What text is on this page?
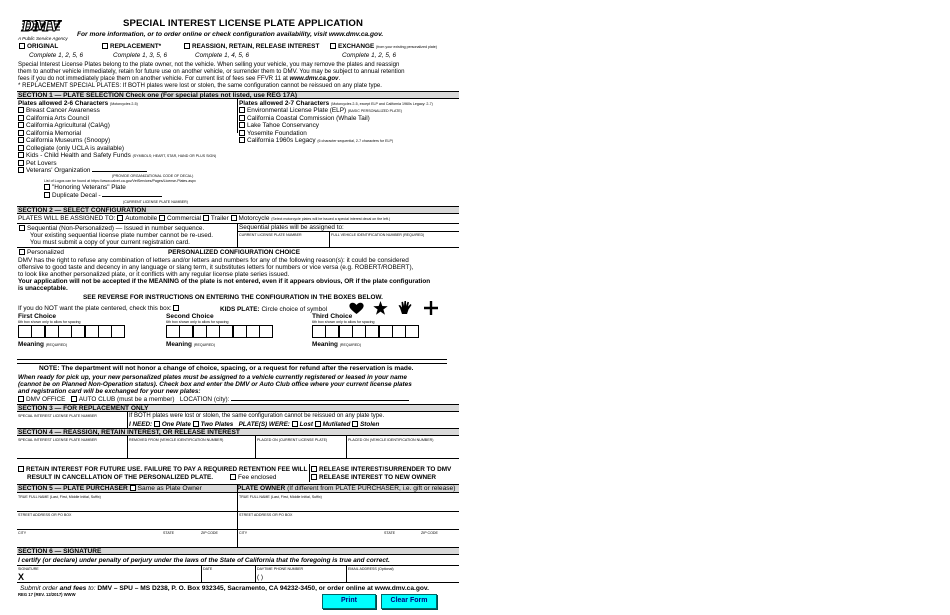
DMV
A Public Service Agency
SPECIAL INTEREST LICENSE PLATE APPLICATION
For more information, or to order online or check configuration availability, visit www.dmv.ca.gov.
ORIGINAL
Complete 1, 2, 5, 6
REPLACEMENT*
Complete 1, 3, 5, 6
REASSIGN, RETAIN, RELEASE INTEREST
Complete 1, 4, 5, 6
EXCHANGE (from your existing personalized plate)
Complete 1, 2, 5, 6
Special Interest License Plates belong to the plate owner, not the vehicle. When selling your vehicle, you may remove the plates and reassign
them to another vehicle immediately, retain for future use on another vehicle, or surrender them to DMV. You may be subject to annual retention
fees if you do not immediately place them on another vehicle. For current list of fees see FFVR 11 at www.dmv.ca.gov.
* REPLACEMENT SPECIAL PLATES: If BOTH plates were lost or stolen, the same configuration cannot be reissued on any plate type.
SECTION 1 — PLATE SELECTION Check one (For special plates not listed, use REG 17A)
Plates allowed 2-6 Characters (Motorcycles 2-5)
Breast Cancer Awareness
California Arts Council
California Agricultural (CalAg)
California Memorial
California Museums (Snoopy)
Collegiate (only UCLA is available)
Kids - Child Health and Safety Funds (SYMBOLS; HEART, STAR, HAND OR PLUS SIGN)
Pet Lovers
Veterans' Organization
(PROVIDE ORGANIZATIONAL CODE OF DECAL)
List of Logos can be found at https://www.calvet.ca.gov/VetServices/Pages/License-Plates.aspx
"Honoring Veterans" Plate
Duplicate Decal -
(CURRENT LICENSE PLATE NUMBER)
Plates allowed 2-7 Characters (Motorcycles 2-5, except ELP and California 1960s Legacy: 2-7)
Environmental License Plate (ELP) (BASIC PERSONALIZED PLATE)
California Coastal Commission (Whale Tail)
Lake Tahoe Conservancy
Yosemite Foundation
California 1960s Legacy (6 character sequential, 2-7 characters for ELP)
SECTION 2 — SELECT CONFIGURATION
PLATES WILL BE ASSIGNED TO: Automobile Commercial Trailer Motorcycle (Select motorcycle plates will be issued a special interest decal on the left.)
Sequential (Non-Personalized) — Issued in number sequence.
Your existing sequential license plate number cannot be re-used.
You must submit a copy of your current registration card.
Sequential plates will be assigned to:
CURRENT LICENSE PLATE NUMBER	FULL VEHICLE IDENTIFICATION NUMBER (REQUIRED)
Personalized	PERSONALIZED CONFIGURATION CHOICE
DMV has the right to refuse any combination of letters and/or letters and numbers for any of the following reason(s): it could be considered
offensive to good taste and decency in any language or slang term, it substitutes letters for numbers or vice versa (e.g. ROBERT/ROBERT),
to look like another personalized plate, or it conflicts with any regular license plate series issued.
Your application will not be accepted if the MEANING of the plate is not entered, even if it appears obvious, OR if the plate configuration
is unacceptable.
SEE REVERSE FOR INSTRUCTIONS ON ENTERING THE CONFIGURATION IN THE BOXES BELOW.
If you do NOT want the plate centered, check this box:	KIDS PLATE: Circle choice of symbol
First Choice	Second Choice	Third Choice
6th box shown only to allow for spacing	6th box shown only to allow for spacing	6th box shown only to allow for spacing
Meaning (REQUIRED)	Meaning (REQUIRED)	Meaning (REQUIRED)
NOTE: The department will not honor a change of choice, spacing, or a request for refund after the reservation is made.
When ready for pick up, your new personalized plates must be assigned to a vehicle currently registered or leased in your name
(cannot be on Planned Non-Operation status). Check box and enter the DMV or Auto Club office where your current license plates
and registration card will be exchanged for your new plates:
DMV OFFICE AUTO CLUB (must be a member) LOCATION (city):
SECTION 3 — FOR REPLACEMENT ONLY
SPECIAL INTEREST LICENSE PLATE NUMBER	If BOTH plates were lost or stolen, the same configuration cannot be reissued on any plate type.
I NEED: One Plate Two Plates PLATE(S) WERE: Lost Mutilated Stolen
SECTION 4 — REASSIGN, RETAIN INTEREST, OR RELEASE INTEREST
SPECIAL INTEREST LICENSE PLATE NUMBER	REMOVED FROM (VEHICLE IDENTIFICATION NUMBER)	PLACED ON (CURRENT LICENSE PLATE)	PLACED ON (VEHICLE IDENTIFICATION NUMBER)
RETAIN INTEREST FOR FUTURE USE. FAILURE TO PAY A REQUIRED RETENTION FEE WILL
RESULT IN CANCELLATION OF THE PERSONALIZED PLATE.	Fee enclosed
RELEASE INTEREST/SURRENDER TO DMV
RELEASE INTEREST TO NEW OWNER
SECTION 5 — PLATE PURCHASER Same as Plate Owner	PLATE OWNER (If different from PLATE PURCHASER, i.e. gift or release)
TRUE FULL NAME (Last, First, Middle Initial, Suffix)	TRUE FULL NAME (Last, First, Middle Initial, Suffix)
STREET ADDRESS OR PO BOX	STREET ADDRESS OR PO BOX
CITY	STATE	ZIP CODE	CITY	STATE	ZIP CODE
SECTION 6 — SIGNATURE
I certify (or declare) under penalty of perjury under the laws of the State of California that the foregoing is true and correct.
SIGNATURE
X
DATE	DAYTIME PHONE NUMBER
( )
EMAIL ADDRESS (Optional)
Submit order and fees to: DMV – SPU – MS D238, P. O. Box 932345, Sacramento, CA 94232-3450, or order online at www.dmv.ca.gov.
REG 17 (REV. 12/2017) WWW
Print	Clear Form
